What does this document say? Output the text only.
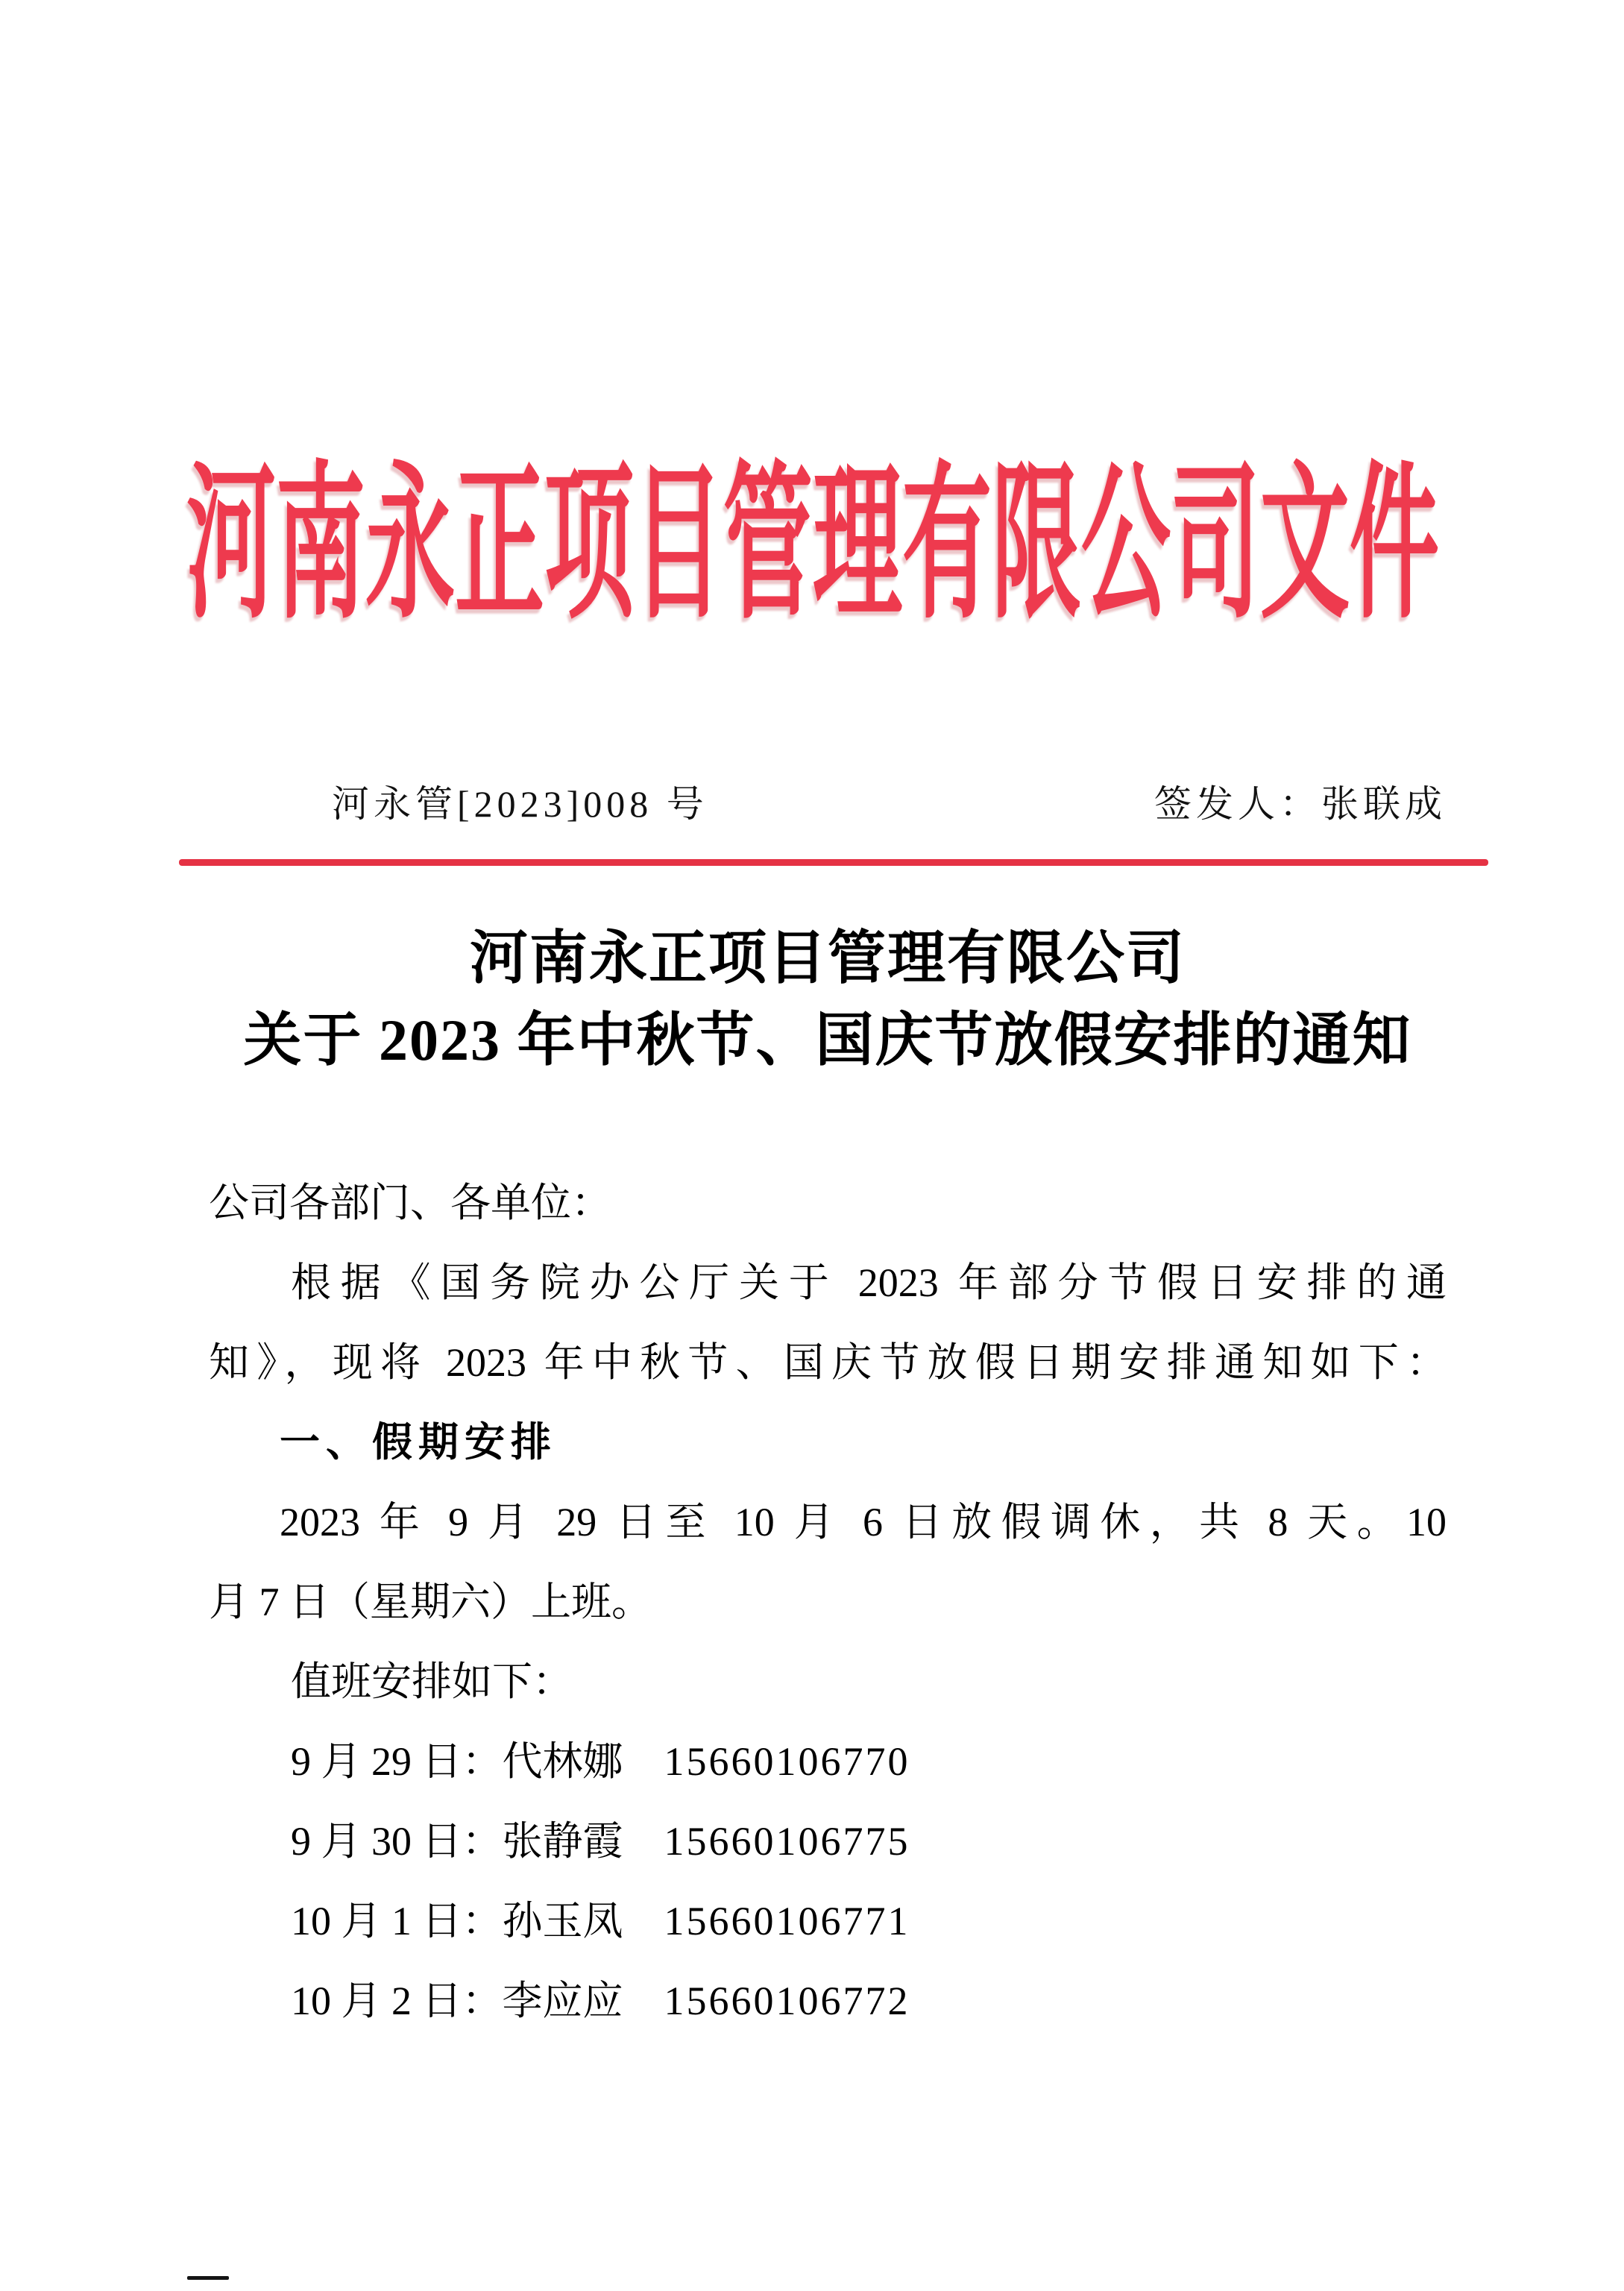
河南永正项目管理有限公司文件
河永管[2023]008 号	签发人：张联成
河南永正项目管理有限公司
关于 2023 年中秋节、国庆节放假安排的通知
公司各部门、各单位：
根据《国务院办公厅关于 2023 年部分节假日安排的通
知》，现将 2023 年中秋节、国庆节放假日期安排通知如下：
一、假期安排
2023 年 9 月 29 日至 10 月 6 日放假调休，共 8 天。10
月 7 日（星期六）上班。
值班安排如下：
9 月 29 日：代林娜 15660106770
9 月 30 日：张静霞 15660106775
10 月 1 日：孙玉凤 15660106771
10 月 2 日：李应应 15660106772
